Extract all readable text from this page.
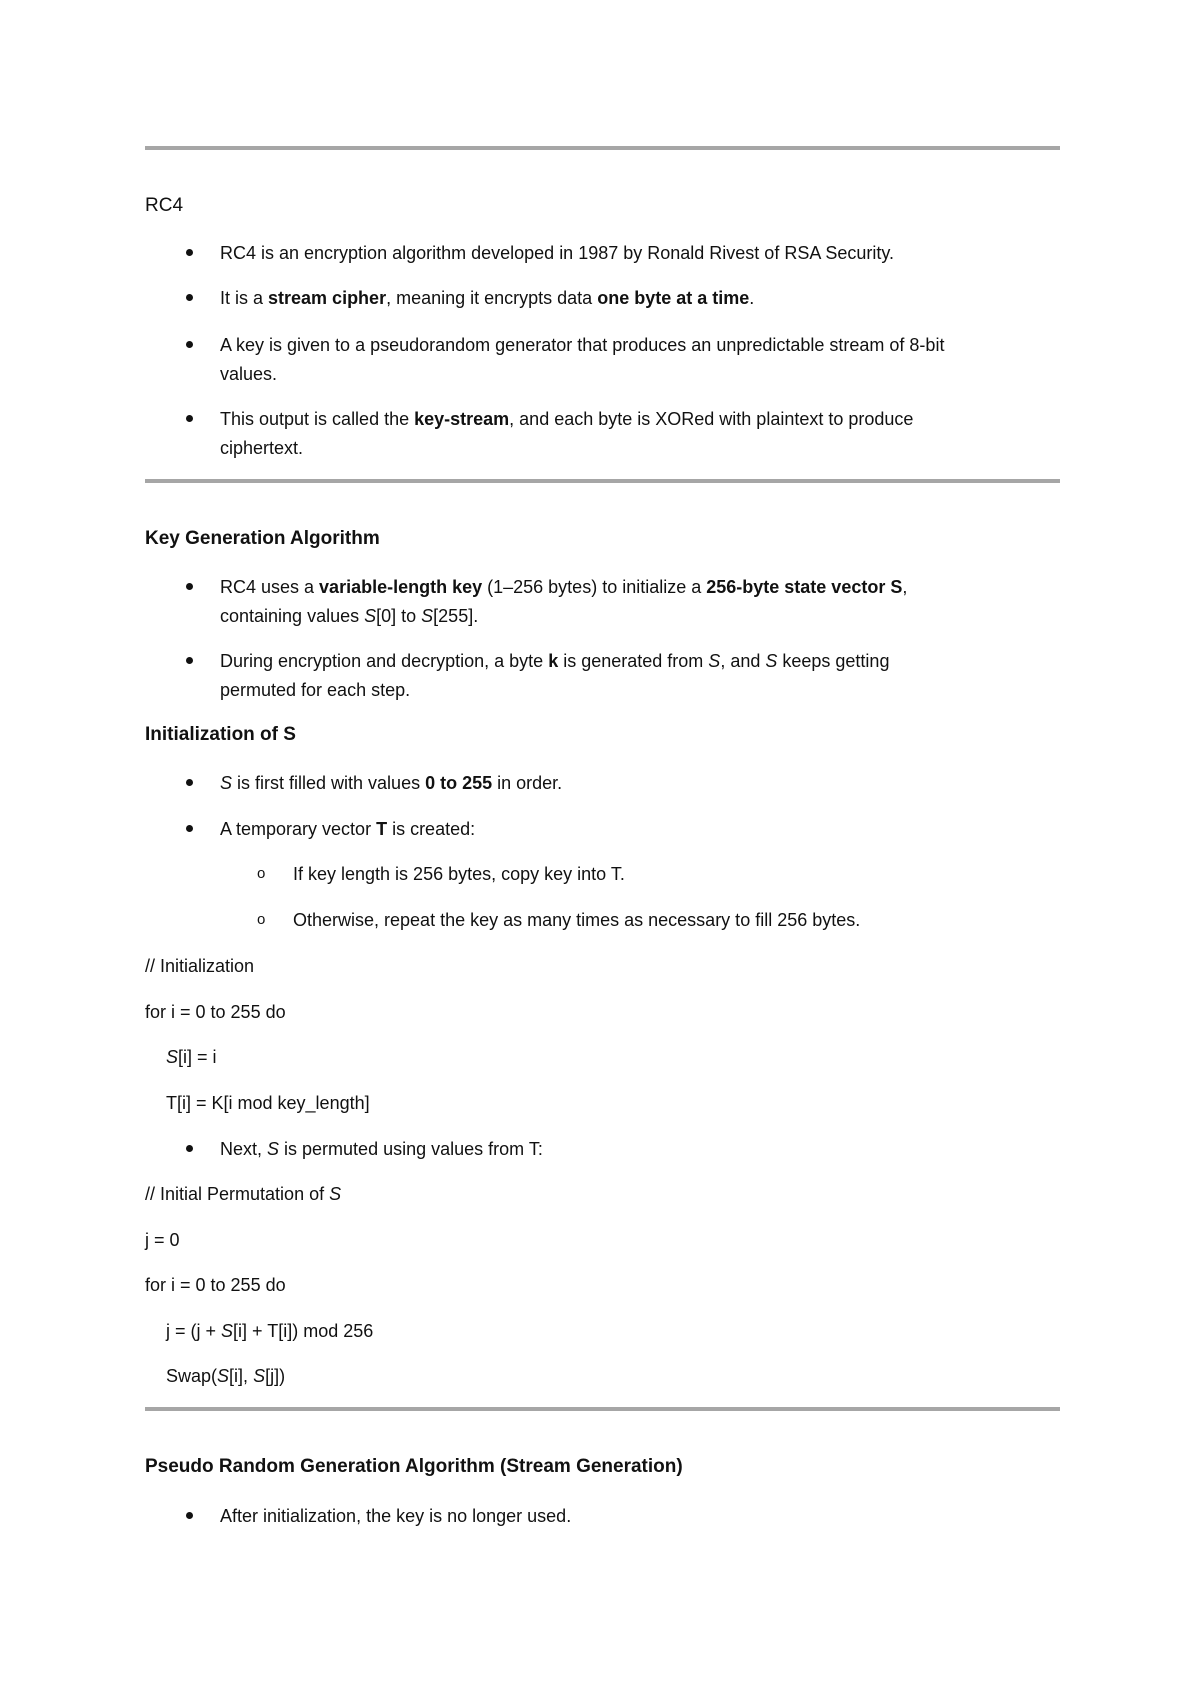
RC4
RC4 is an encryption algorithm developed in 1987 by Ronald Rivest of RSA Security.
It is a stream cipher, meaning it encrypts data one byte at a time.
A key is given to a pseudorandom generator that produces an unpredictable stream of 8-bit
values.
This output is called the key-stream, and each byte is XORed with plaintext to produce
ciphertext.
Key Generation Algorithm
RC4 uses a variable-length key (1–256 bytes) to initialize a 256-byte state vector S,
containing values S[0] to S[255].
During encryption and decryption, a byte k is generated from S, and S keeps getting
permuted for each step.
Initialization of S
S is first filled with values 0 to 255 in order.
A temporary vector T is created:
o If key length is 256 bytes, copy key into T.
o Otherwise, repeat the key as many times as necessary to fill 256 bytes.
// Initialization
for i = 0 to 255 do
S[i] = i
T[i] = K[i mod key_length]
Next, S is permuted using values from T:
// Initial Permutation of S
j = 0
for i = 0 to 255 do
j = (j + S[i] + T[i]) mod 256
Swap(S[i], S[j])
Pseudo Random Generation Algorithm (Stream Generation)
After initialization, the key is no longer used.
